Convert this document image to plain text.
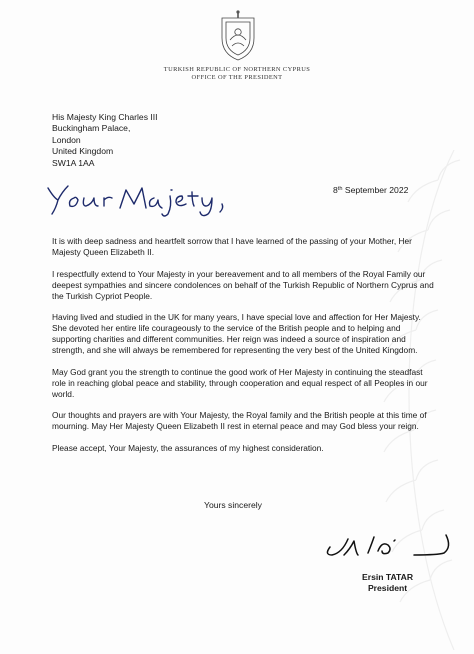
TURKISH REPUBLIC OF NORTHERN CYPRUS
OFFICE OF THE PRESIDENT
His Majesty King Charles III
Buckingham Palace,
London
United Kingdom
SW1A 1AA
8th September 2022

It is with deep sadness and heartfelt sorrow that I have learned of the passing of your Mother, Her Majesty Queen Elizabeth II.

I respectfully extend to Your Majesty in your bereavement and to all members of the Royal Family our deepest sympathies and sincere condolences on behalf of the Turkish Republic of Northern Cyprus and the Turkish Cypriot People.

Having lived and studied in the UK for many years, I have special love and affection for Her Majesty. She devoted her entire life courageously to the service of the British people and to helping and supporting charities and different communities. Her reign was indeed a source of inspiration and strength, and she will always be remembered for representing the very best of the United Kingdom.

May God grant you the strength to continue the good work of Her Majesty in continuing the steadfast role in reaching global peace and stability, through cooperation and equal respect of all Peoples in our world.

Our thoughts and prayers are with Your Majesty, the Royal family and the British people at this time of mourning. May Her Majesty Queen Elizabeth II rest in eternal peace and may God bless your reign.

Please accept, Your Majesty, the assurances of my highest consideration.

Yours sincerely
Ersin TATAR
President
